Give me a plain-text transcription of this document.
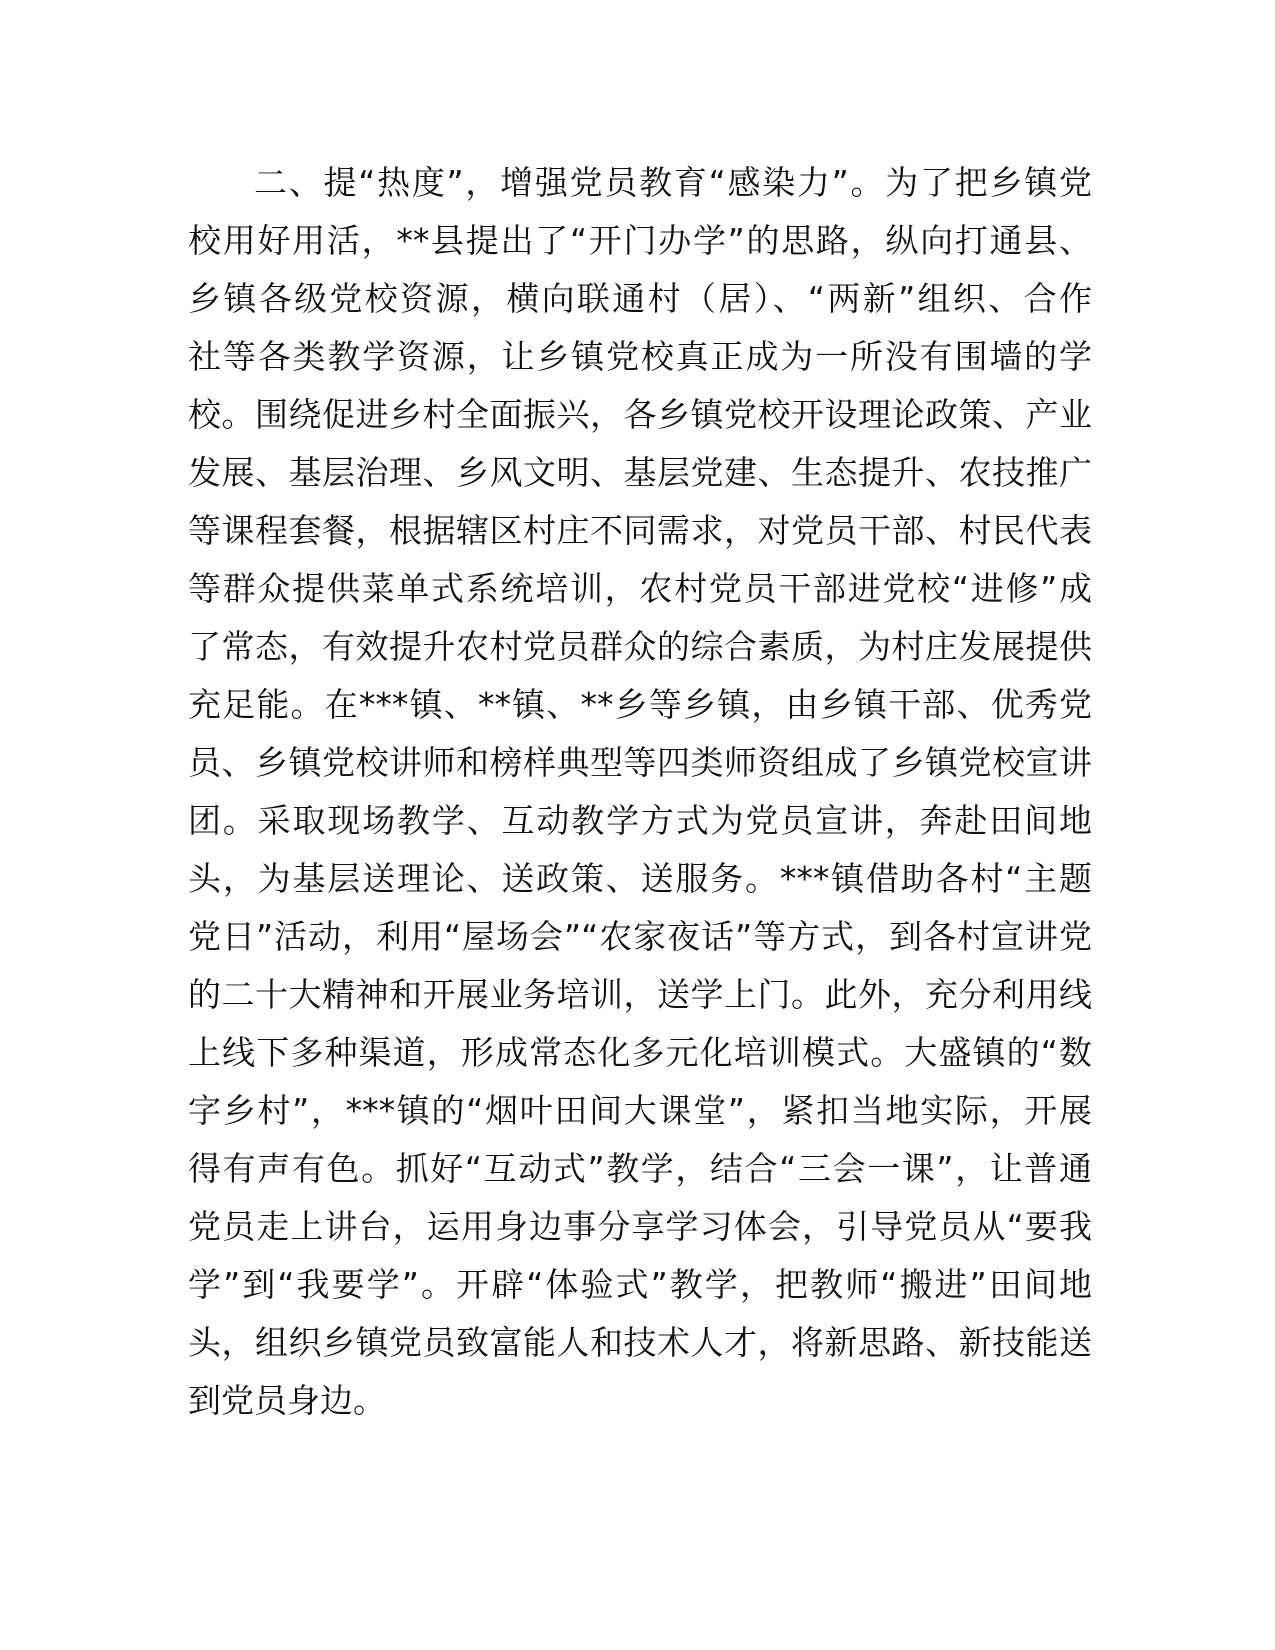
二、提“热度”，增强党员教育“感染力”。为了把乡镇党
校用好用活，**县提出了“开门办学”的思路，纵向打通县、
乡镇各级党校资源，横向联通村（居）、“两新”组织、合作
社等各类教学资源，让乡镇党校真正成为一所没有围墙的学
校。围绕促进乡村全面振兴，各乡镇党校开设理论政策、产业
发展、基层治理、乡风文明、基层党建、生态提升、农技推广
等课程套餐，根据辖区村庄不同需求，对党员干部、村民代表
等群众提供菜单式系统培训，农村党员干部进党校“进修”成
了常态，有效提升农村党员群众的综合素质，为村庄发展提供
充足能。在***镇、**镇、**乡等乡镇，由乡镇干部、优秀党
员、乡镇党校讲师和榜样典型等四类师资组成了乡镇党校宣讲
团。采取现场教学、互动教学方式为党员宣讲，奔赴田间地
头，为基层送理论、送政策、送服务。***镇借助各村“主题
党日”活动，利用“屋场会”“农家夜话”等方式，到各村宣讲党
的二十大精神和开展业务培训，送学上门。此外，充分利用线
上线下多种渠道，形成常态化多元化培训模式。大盛镇的“数
字乡村”，***镇的“烟叶田间大课堂”，紧扣当地实际，开展
得有声有色。抓好“互动式”教学，结合“三会一课”，让普通
党员走上讲台，运用身边事分享学习体会，引导党员从“要我
学”到“我要学”。开辟“体验式”教学，把教师“搬进”田间地
头，组织乡镇党员致富能人和技术人才，将新思路、新技能送
到党员身边。
